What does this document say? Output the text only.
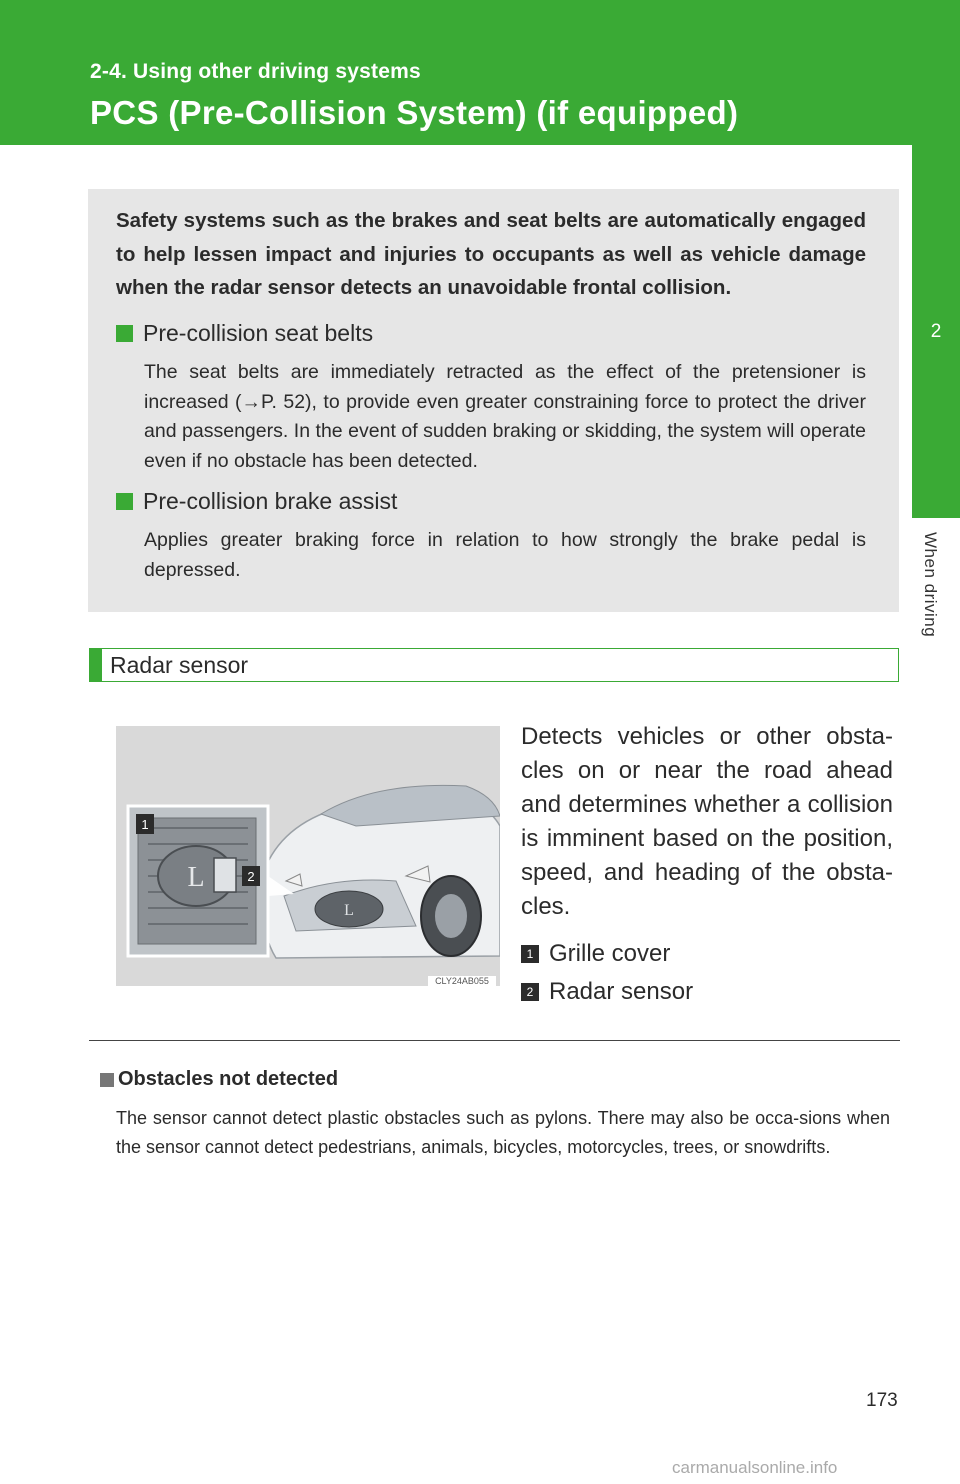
2-4. Using other driving systems
PCS (Pre-Collision System) (if equipped)
2
When driving
Safety systems such as the brakes and seat belts are automatically engaged to help lessen impact and injuries to occupants as well as vehicle damage when the radar sensor detects an unavoidable frontal collision.
Pre-collision seat belts
The seat belts are immediately retracted as the effect of the pretensioner is increased (→P. 52), to provide even greater constraining force to protect the driver and passengers. In the event of sudden braking or skidding, the system will operate even if no obstacle has been detected.
Pre-collision brake assist
Applies greater braking force in relation to how strongly the brake pedal is depressed.
Radar sensor
L
L
1
2
CLY24AB055
Detects vehicles or other obsta-cles on or near the road ahead and determines whether a collision is imminent based on the position, speed, and heading of the obsta-cles.
1 Grille cover
2 Radar sensor
Obstacles not detected
The sensor cannot detect plastic obstacles such as pylons. There may also be occa-sions when the sensor cannot detect pedestrians, animals, bicycles, motorcycles, trees, or snowdrifts.
173
carmanualsonline.info
